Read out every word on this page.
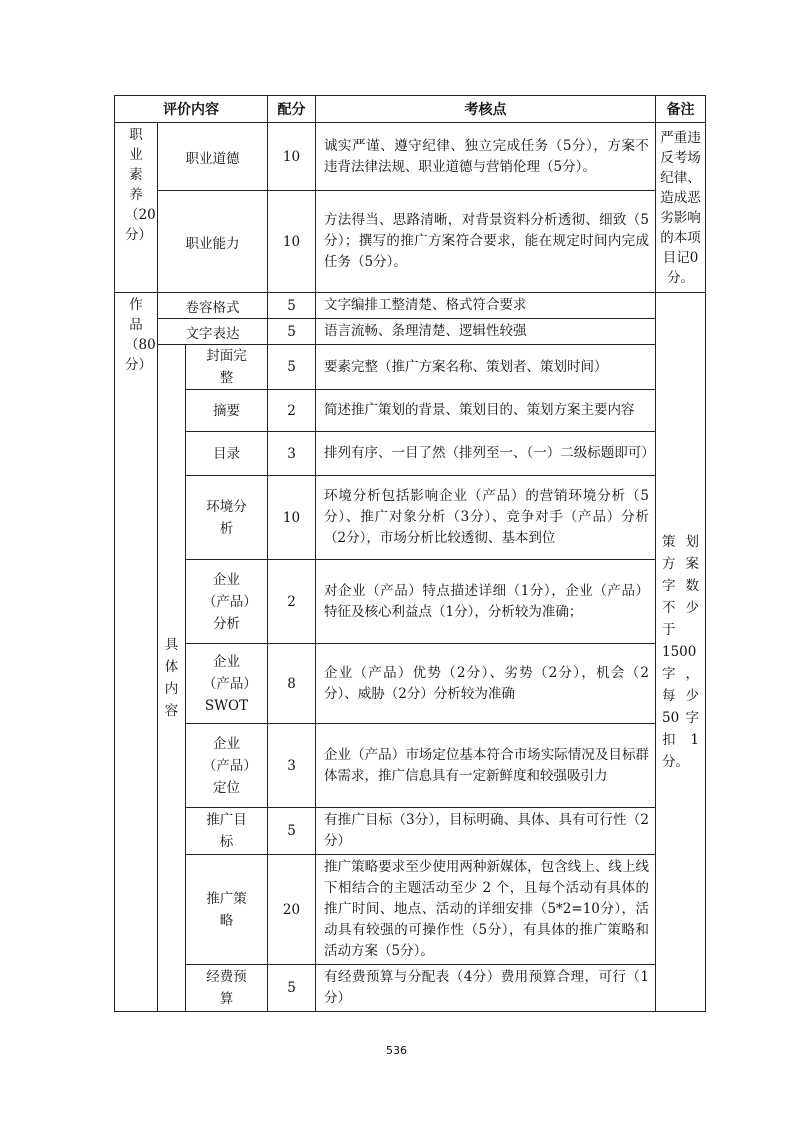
评价内容			配分	考核点	备注
职业素养（20分）	职业道德		10	诚实严谨、遵守纪律、独立完成任务（5分），方案不违背法律法规、职业道德与营销伦理（5分）。	严重违反考场纪律、造成恶劣影响的本项目记0分。
	职业能力		10	方法得当、思路清晰，对背景资料分析透彻、细致（5分）；撰写的推广方案符合要求，能在规定时间内完成任务（5分）。	
作品（80分）	卷容格式		5	文字编排工整清楚、格式符合要求	策划方案字数不少于1500字，每少50字扣1分。
	文字表达		5	语言流畅、条理清楚、逻辑性较强	
	具体内容	封面完整	5	要素完整（推广方案名称、策划者、策划时间）	
		摘要	2	简述推广策划的背景、策划目的、策划方案主要内容	
		目录	3	排列有序、一目了然（排列至一、（一）二级标题即可）	
		环境分析	10	环境分析包括影响企业（产品）的营销环境分析（5分）、推广对象分析（3分）、竞争对手（产品）分析（2分），市场分析比较透彻、基本到位	
		企业（产品）分析	2	对企业（产品）特点描述详细（1分），企业（产品）特征及核心利益点（1分），分析较为准确；	
		企业（产品）SWOT	8	企业（产品）优势（2分）、劣势（2分），机会（2分）、威胁（2分）分析较为准确	
		企业（产品）定位	3	企业（产品）市场定位基本符合市场实际情况及目标群体需求，推广信息具有一定新鲜度和较强吸引力	
		推广目标	5	有推广目标（3分），目标明确、具体、具有可行性（2分）	
		推广策略	20	推广策略要求至少使用两种新媒体，包含线上、线上线下相结合的主题活动至少 2 个，且每个活动有具体的推广时间、地点、活动的详细安排（5*2=10分），活动具有较强的可操作性（5分），有具体的推广策略和活动方案（5分）。	
		经费预算	5	有经费预算与分配表（4分）费用预算合理，可行（1分）	
536
